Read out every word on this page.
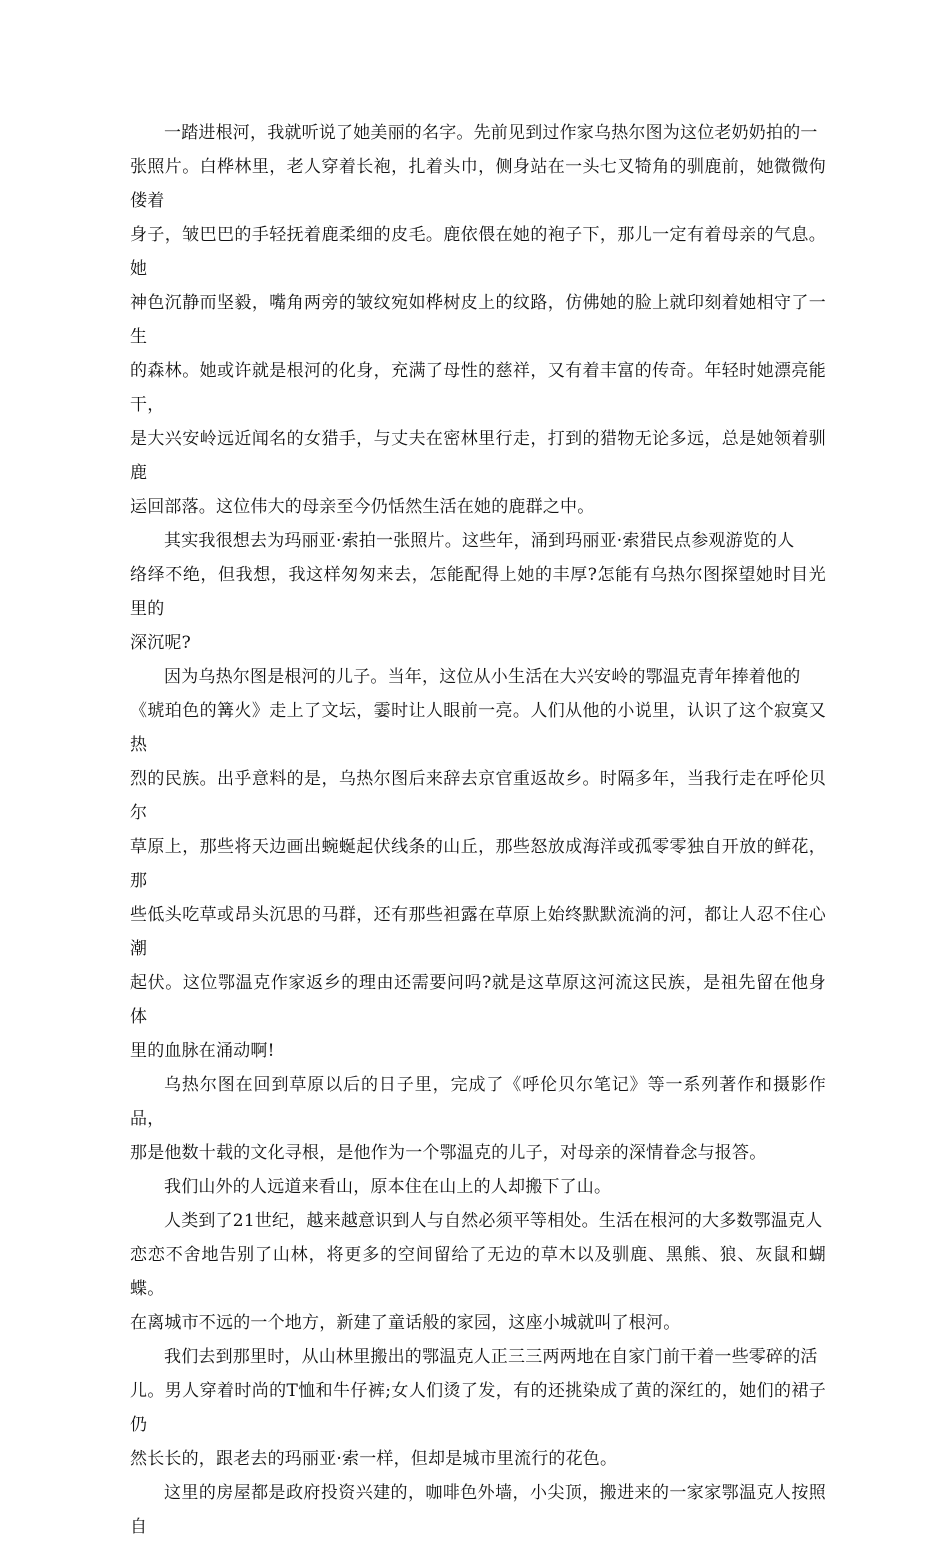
一踏进根河，我就听说了她美丽的名字。先前见到过作家乌热尔图为这位老奶奶拍的一
张照片。白桦林里，老人穿着长袍，扎着头巾，侧身站在一头七叉犄角的驯鹿前，她微微佝偻着
身子，皱巴巴的手轻抚着鹿柔细的皮毛。鹿依偎在她的袍子下，那儿一定有着母亲的气息。她
神色沉静而坚毅，嘴角两旁的皱纹宛如桦树皮上的纹路，仿佛她的脸上就印刻着她相守了一生
的森林。她或许就是根河的化身，充满了母性的慈祥，又有着丰富的传奇。年轻时她漂亮能干，
是大兴安岭远近闻名的女猎手，与丈夫在密林里行走，打到的猎物无论多远，总是她领着驯鹿
运回部落。这位伟大的母亲至今仍恬然生活在她的鹿群之中。

其实我很想去为玛丽亚·索拍一张照片。这些年，涌到玛丽亚·索猎民点参观游览的人
络绎不绝，但我想，我这样匆匆来去，怎能配得上她的丰厚?怎能有乌热尔图探望她时目光里的
深沉呢?

因为乌热尔图是根河的儿子。当年，这位从小生活在大兴安岭的鄂温克青年捧着他的
《琥珀色的篝火》走上了文坛，霎时让人眼前一亮。人们从他的小说里，认识了这个寂寞又热
烈的民族。出乎意料的是，乌热尔图后来辞去京官重返故乡。时隔多年，当我行走在呼伦贝尔
草原上，那些将天边画出蜿蜒起伏线条的山丘，那些怒放成海洋或孤零零独自开放的鲜花，那
些低头吃草或昂头沉思的马群，还有那些袒露在草原上始终默默流淌的河，都让人忍不住心潮
起伏。这位鄂温克作家返乡的理由还需要问吗?就是这草原这河流这民族，是祖先留在他身体
里的血脉在涌动啊!

乌热尔图在回到草原以后的日子里，完成了《呼伦贝尔笔记》等一系列著作和摄影作品，
那是他数十载的文化寻根，是他作为一个鄂温克的儿子，对母亲的深情眷念与报答。

我们山外的人远道来看山，原本住在山上的人却搬下了山。

人类到了21世纪，越来越意识到人与自然必须平等相处。生活在根河的大多数鄂温克人
恋恋不舍地告别了山林，将更多的空间留给了无边的草木以及驯鹿、黑熊、狼、灰鼠和蝴蝶。
在离城市不远的一个地方，新建了童话般的家园，这座小城就叫了根河。

我们去到那里时，从山林里搬出的鄂温克人正三三两两地在自家门前干着一些零碎的活
儿。男人穿着时尚的T恤和牛仔裤;女人们烫了发，有的还挑染成了黄的深红的，她们的裙子仍
然长长的，跟老去的玛丽亚·索一样，但却是城市里流行的花色。

这里的房屋都是政府投资兴建的，咖啡色外墙，小尖顶，搬进来的一家家鄂温克人按照自
